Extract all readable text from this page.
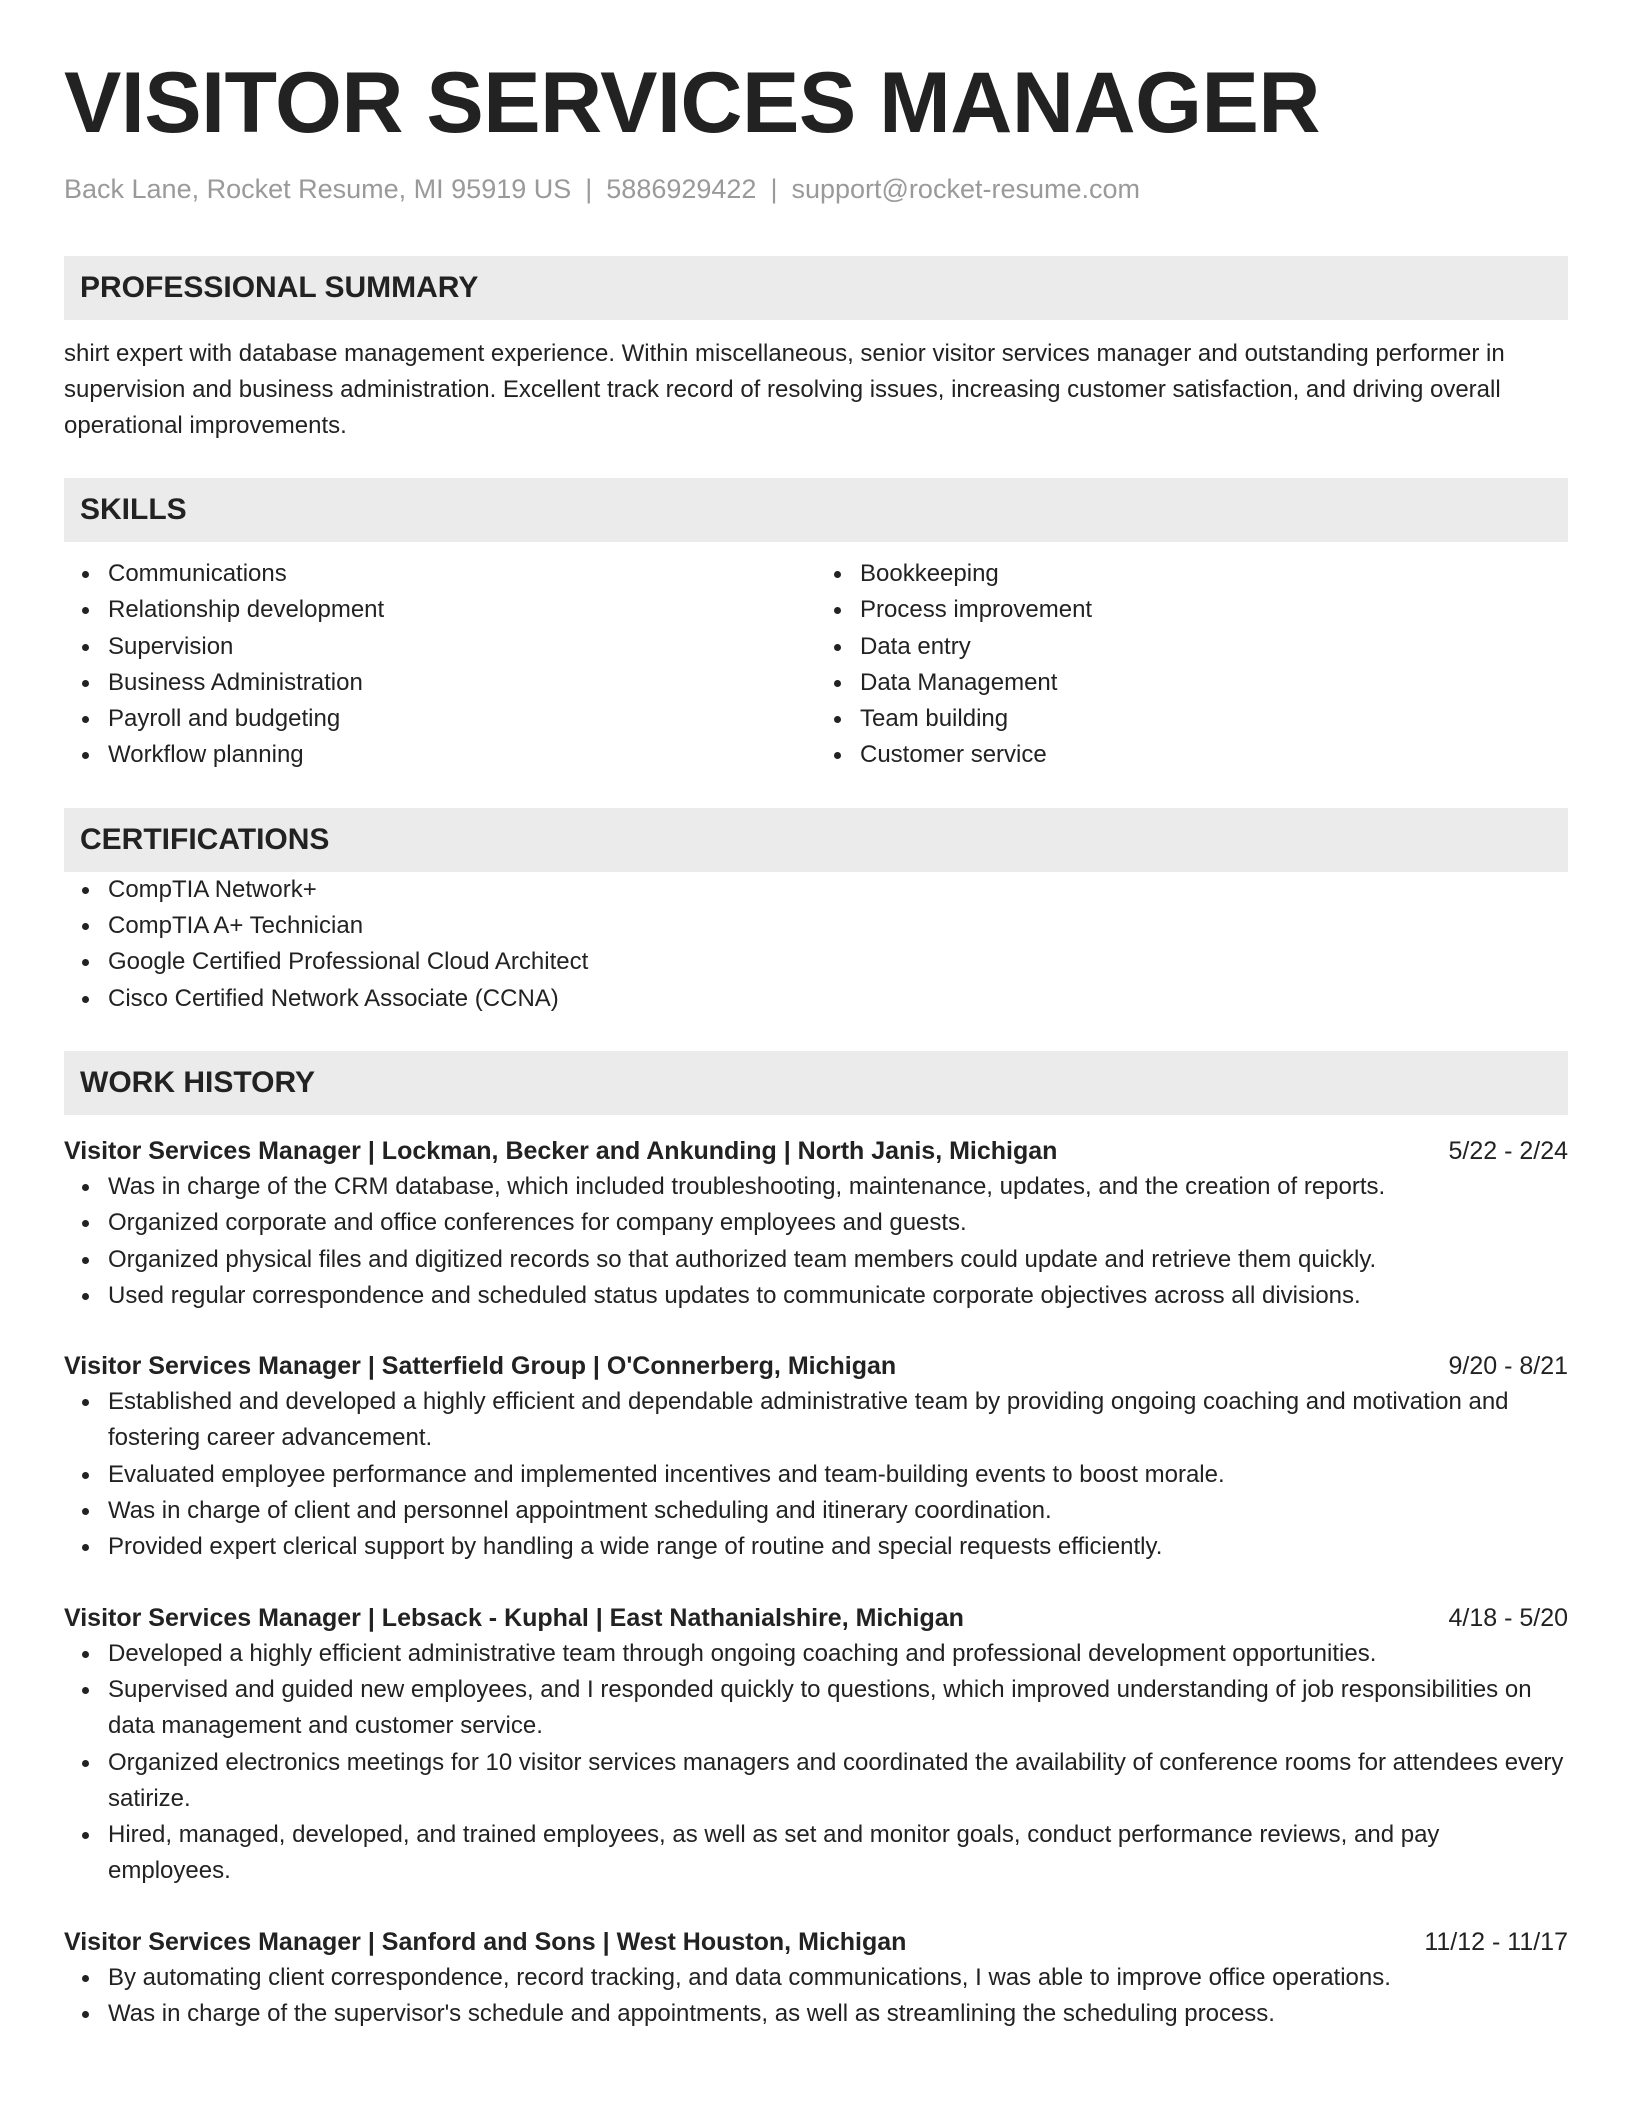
VISITOR SERVICES MANAGER
Back Lane, Rocket Resume, MI 95919 US | 5886929422 | support@rocket-resume.com
PROFESSIONAL SUMMARY
shirt expert with database management experience. Within miscellaneous, senior visitor services manager and outstanding performer in supervision and business administration. Excellent track record of resolving issues, increasing customer satisfaction, and driving overall operational improvements.
SKILLS
Communications
Relationship development
Supervision
Business Administration
Payroll and budgeting
Workflow planning
Bookkeeping
Process improvement
Data entry
Data Management
Team building
Customer service
CERTIFICATIONS
CompTIA Network+
CompTIA A+ Technician
Google Certified Professional Cloud Architect
Cisco Certified Network Associate (CCNA)
WORK HISTORY
Visitor Services Manager | Lockman, Becker and Ankunding | North Janis, Michigan	5/22 - 2/24
Was in charge of the CRM database, which included troubleshooting, maintenance, updates, and the creation of reports.
Organized corporate and office conferences for company employees and guests.
Organized physical files and digitized records so that authorized team members could update and retrieve them quickly.
Used regular correspondence and scheduled status updates to communicate corporate objectives across all divisions.
Visitor Services Manager | Satterfield Group | O'Connerberg, Michigan	9/20 - 8/21
Established and developed a highly efficient and dependable administrative team by providing ongoing coaching and motivation and fostering career advancement.
Evaluated employee performance and implemented incentives and team-building events to boost morale.
Was in charge of client and personnel appointment scheduling and itinerary coordination.
Provided expert clerical support by handling a wide range of routine and special requests efficiently.
Visitor Services Manager | Lebsack - Kuphal | East Nathanialshire, Michigan	4/18 - 5/20
Developed a highly efficient administrative team through ongoing coaching and professional development opportunities.
Supervised and guided new employees, and I responded quickly to questions, which improved understanding of job responsibilities on data management and customer service.
Organized electronics meetings for 10 visitor services managers and coordinated the availability of conference rooms for attendees every satirize.
Hired, managed, developed, and trained employees, as well as set and monitor goals, conduct performance reviews, and pay employees.
Visitor Services Manager | Sanford and Sons | West Houston, Michigan	11/12 - 11/17
By automating client correspondence, record tracking, and data communications, I was able to improve office operations.
Was in charge of the supervisor's schedule and appointments, as well as streamlining the scheduling process.
